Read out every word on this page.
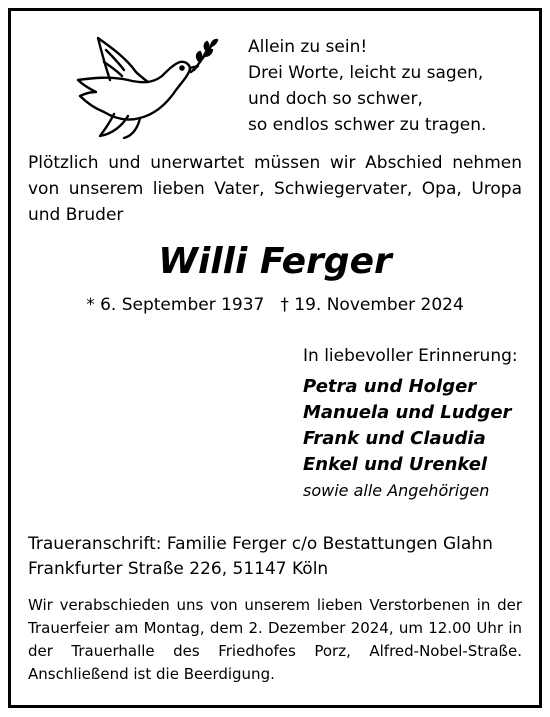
Allein zu sein!
Drei Worte, leicht zu sagen,
und doch so schwer,
so endlos schwer zu tragen.
Plötzlich und unerwartet müssen wir Abschied nehmen von unserem lieben Vater, Schwiegervater, Opa, Uropa und Bruder
Willi Ferger
* 6. September 1937 † 19. November 2024
In liebevoller Erinnerung:
Petra und Holger
Manuela und Ludger
Frank und Claudia
Enkel und Urenkel
sowie alle Angehörigen
Traueranschrift: Familie Ferger c/o Bestattungen Glahn
Frankfurter Straße 226, 51147 Köln
Wir verabschieden uns von unserem lieben Verstorbenen in der Trauerfeier am Montag, dem 2. Dezember 2024, um 12.00 Uhr in der Trauerhalle des Friedhofes Porz, Alfred-Nobel-Straße. Anschließend ist die Beerdigung.
